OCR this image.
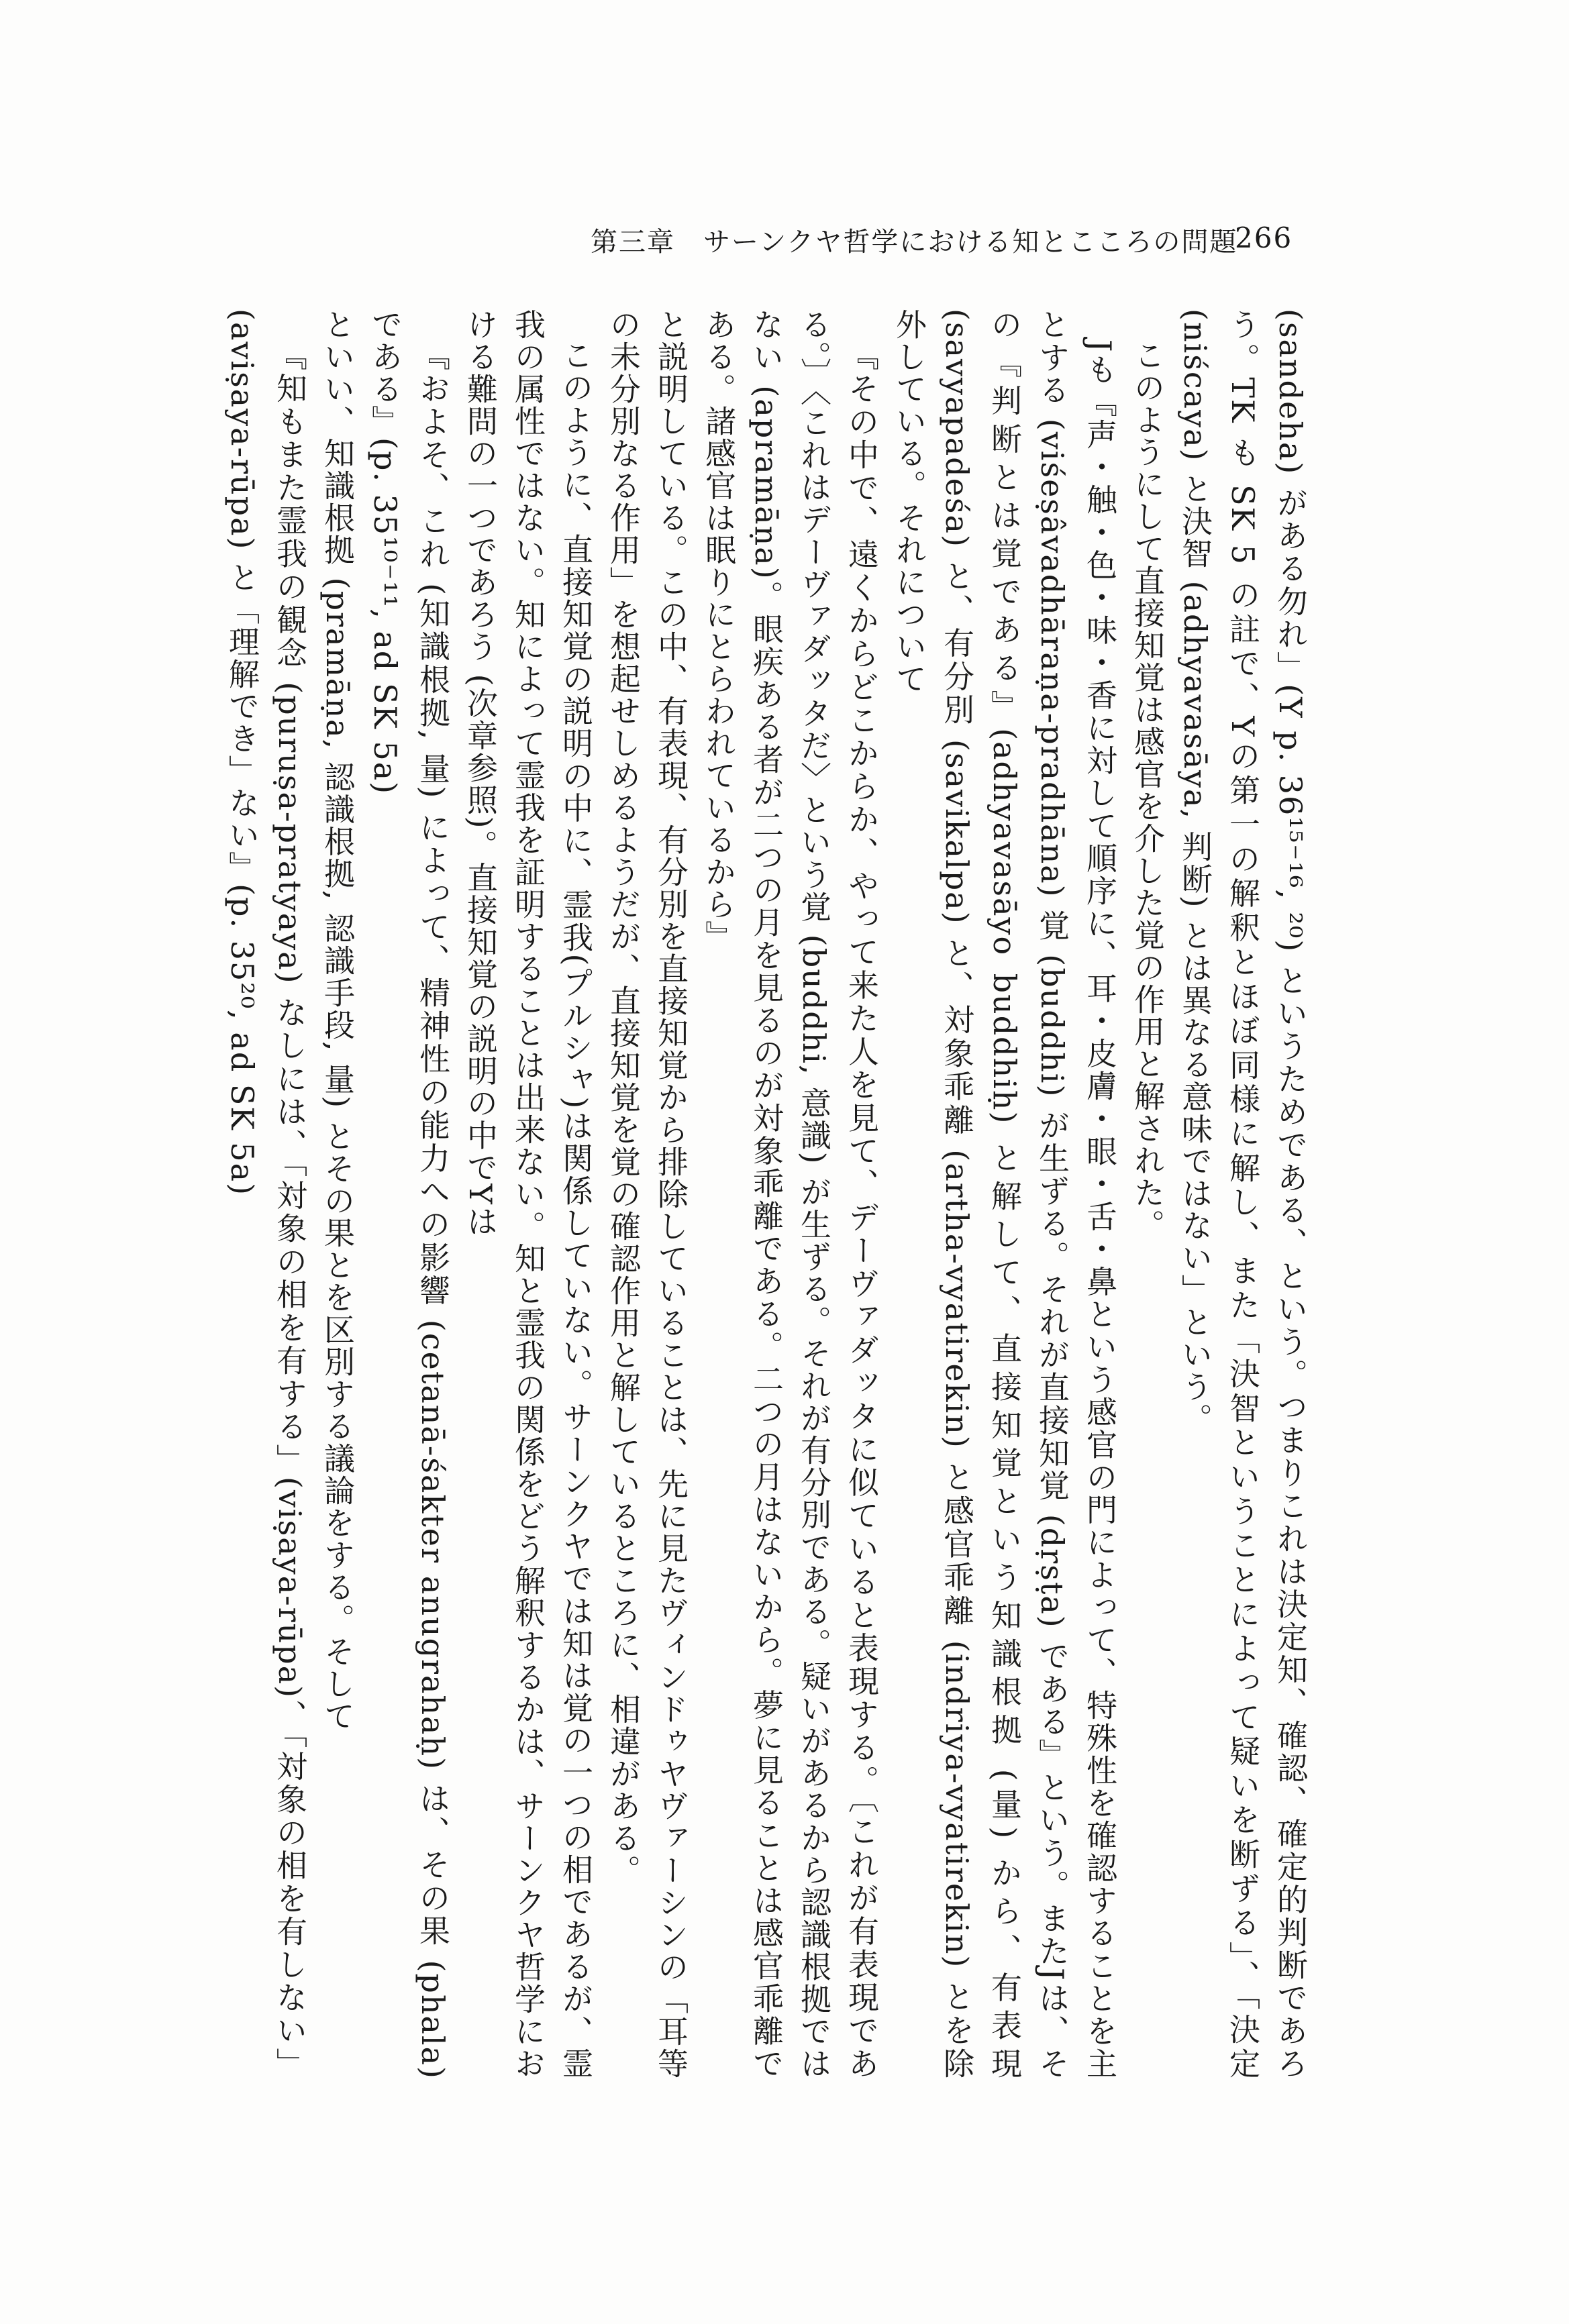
第三章　サーンクヤ哲学における知とこころの問題
266

(sandeha) がある勿れ」(Y p. 36¹⁵⁻¹⁶, ²⁰) というためである、という。つまりこれは決定知、確認、確定的判断であろう。TK も SK 5 の註で、Yの第一の解釈とほぼ同様に解し、また「決智ということによって疑いを断ずる」、「決定(niścaya) と決智 (adhyavasāya, 判断) とは異なる意味ではない」という。

このようにして直接知覚は感官を介した覚の作用と解された。

Jも『声・触・色・味・香に対して順序に、耳・皮膚・眼・舌・鼻という感官の門によって、特殊性を確認することを主とする (viśeṣâvadhāraṇa-pradhāna) 覚 (buddhi) が生ずる。それが直接知覚 (dṛṣṭa) である』という。またJは、その『判断とは覚である』(adhyavasāyo buddhiḥ) と解して、直接知覚という知識根拠 (量) から、有表現 (savyapadeśa) と、有分別 (savikalpa) と、対象乖離 (artha-vyatirekin) と感官乖離 (indriya-vyatirekin) とを除外している。それについて

『その中で、遠くからどこからか、やって来た人を見て、デーヴァダッタに似ていると表現する。〔これが有表現である。〕〈これはデーヴァダッタだ〉という覚 (buddhi, 意識) が生ずる。それが有分別である。疑いがあるから認識根拠ではない (apramāṇa)。眼疾ある者が二つの月を見るのが対象乖離である。二つの月はないから。夢に見ることは感官乖離である。諸感官は眠りにとらわれているから』

と説明している。この中、有表現、有分別を直接知覚から排除していることは、先に見たヴィンドゥヤヴァーシンの「耳等の未分別なる作用」を想起せしめるようだが、直接知覚を覚の確認作用と解しているところに、相違がある。

このように、直接知覚の説明の中に、霊我(プルシャ)は関係していない。サーンクヤでは知は覚の一つの相であるが、霊我の属性ではない。知によって霊我を証明することは出来ない。知と霊我の関係をどう解釈するかは、サーンクヤ哲学における難問の一つであろう (次章参照)。直接知覚の説明の中でYは

『およそ、これ (知識根拠, 量) によって、精神性の能力への影響 (cetanā-śakter anugrahaḥ) は、その果 (phala) である』(p. 35¹⁰⁻¹¹, ad SK 5a)

といい、知識根拠 (pramāṇa, 認識根拠, 認識手段, 量) とその果とを区別する議論をする。そして

『知もまた霊我の観念 (puruṣa-pratyaya) なしには、「対象の相を有する」(viṣaya-rūpa)、「対象の相を有しない」(aviṣaya-rūpa) と「理解でき」ない』(p. 35²⁰, ad SK 5a)
